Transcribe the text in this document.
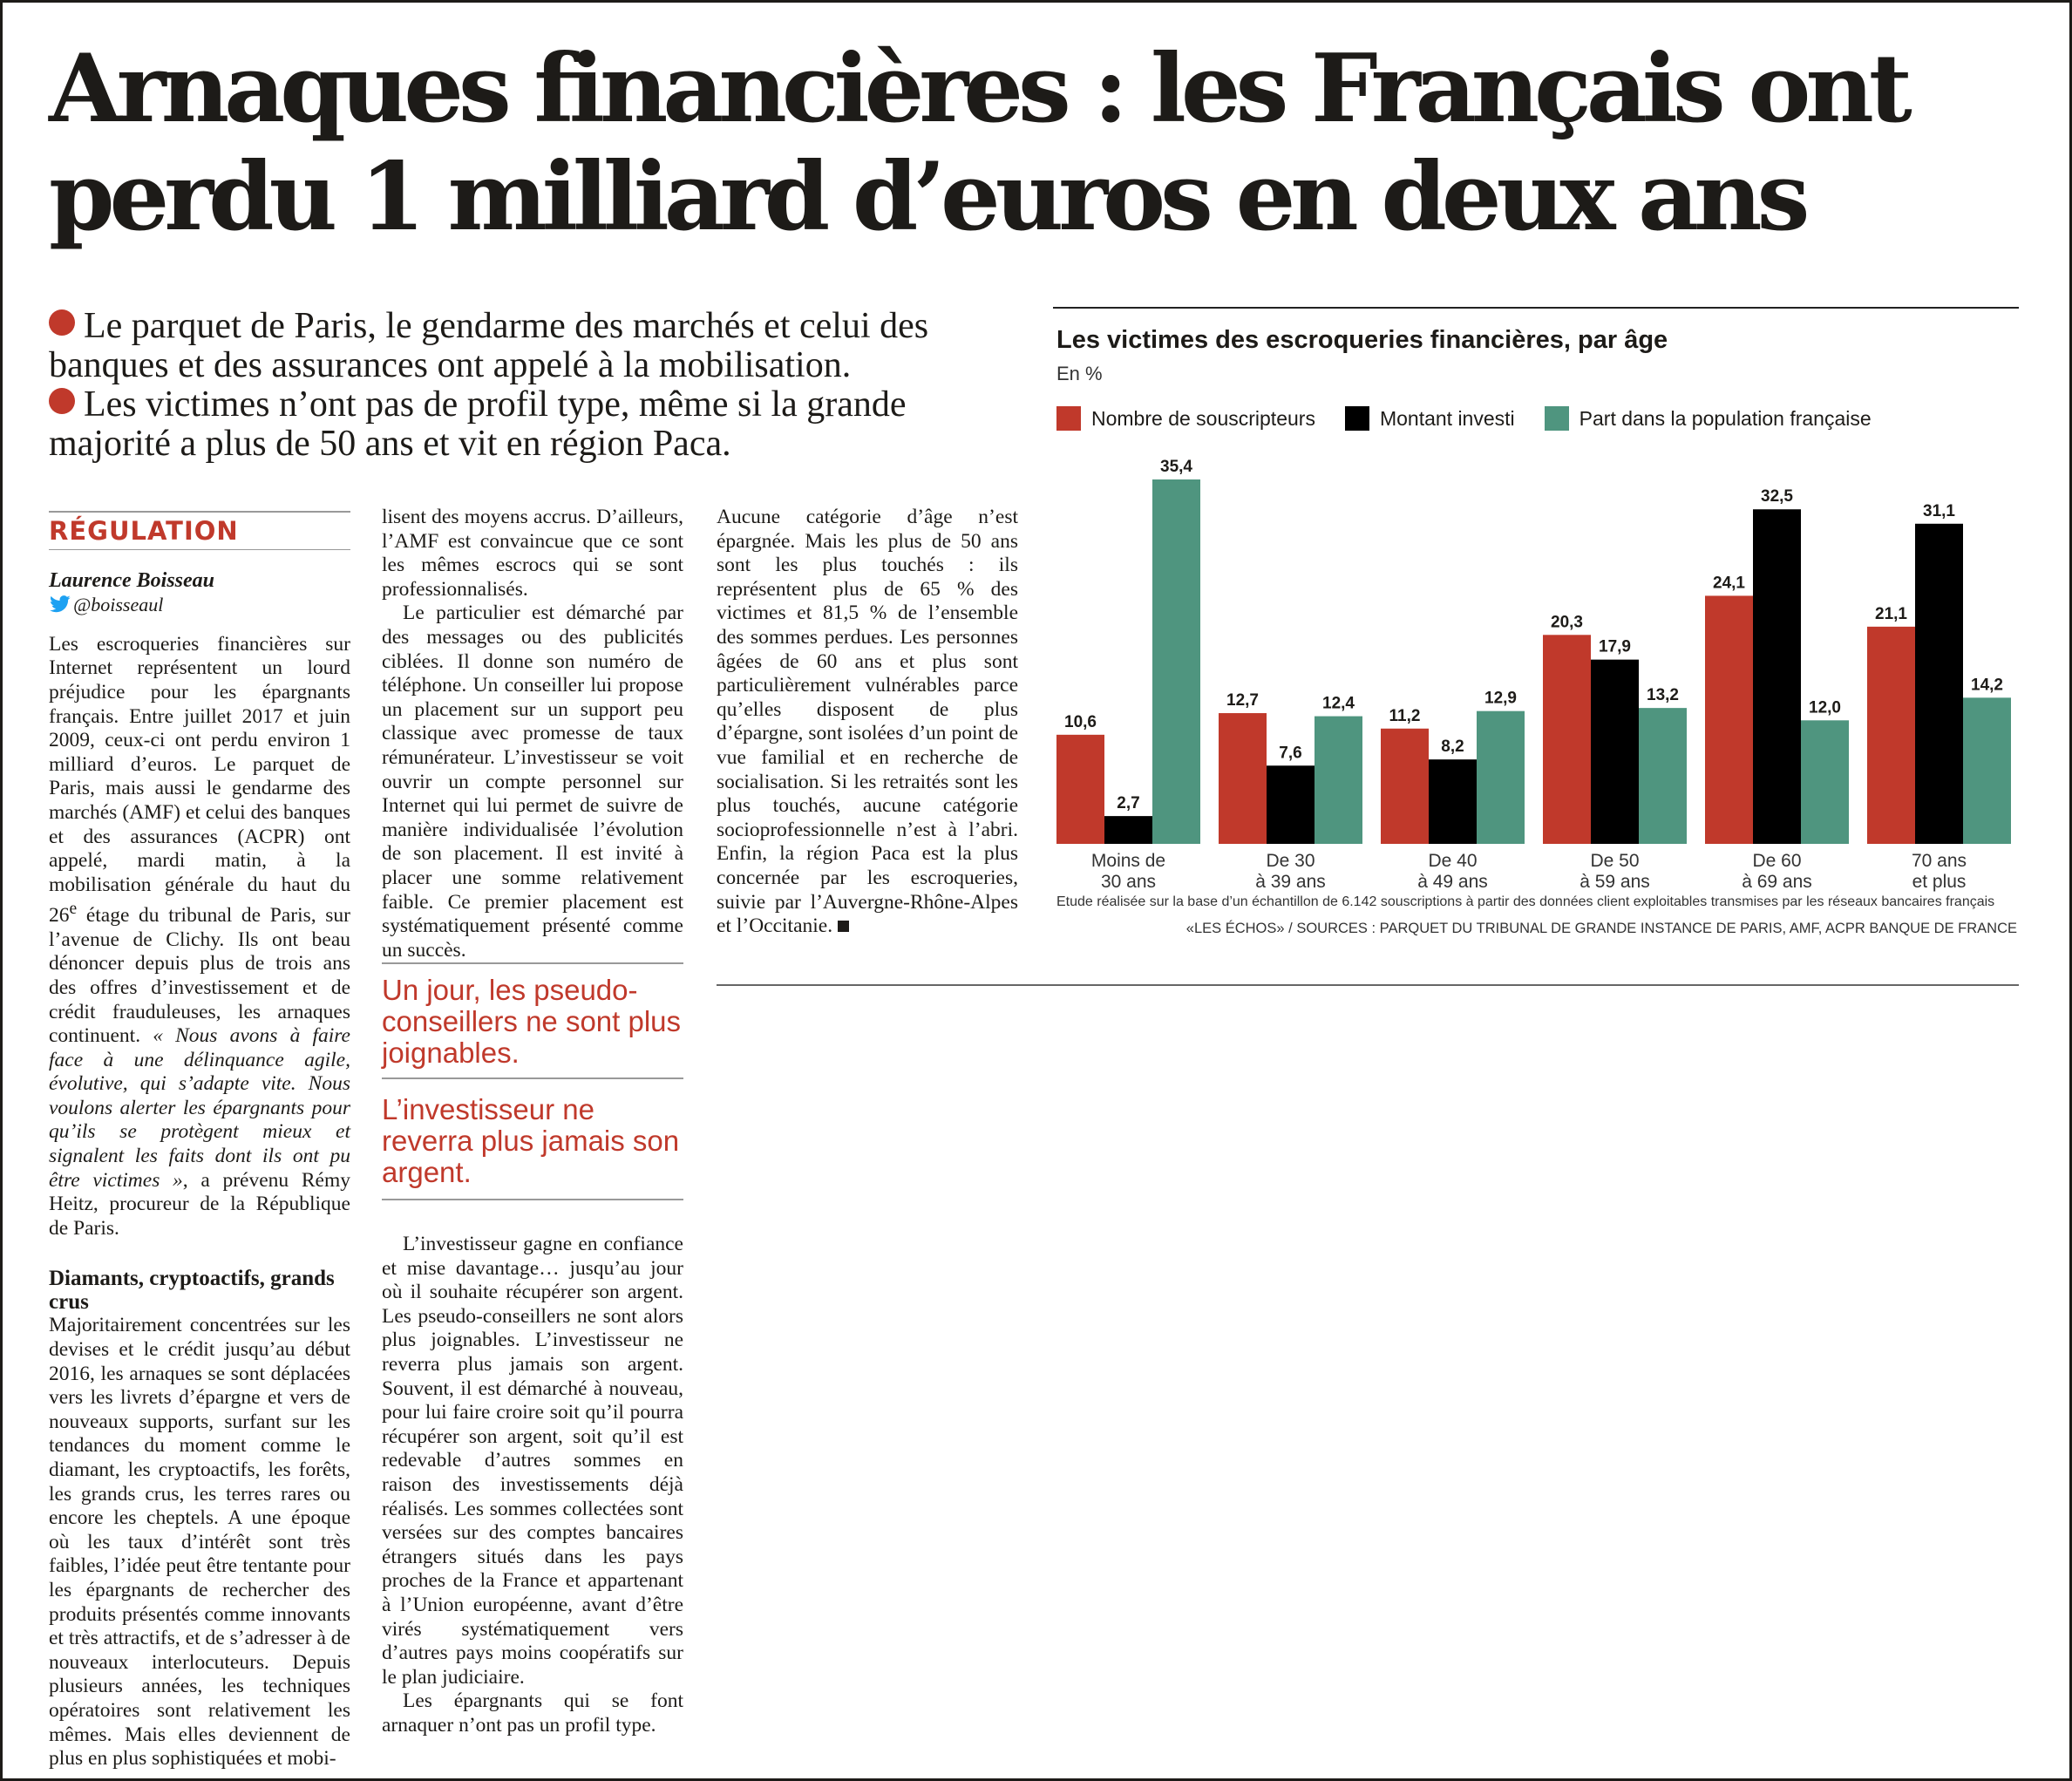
Arnaques financières : les Français ont perdu 1 milliard d’euros en deux ans

Le parquet de Paris, le gendarme des marchés et celui des banques et des assurances ont appelé à la mobilisation.

Les victimes n’ont pas de profil type, même si la grande majorité a plus de 50 ans et vit en région Paca.

RÉGULATION
Laurence Boisseau
@boisseaul

Les escroqueries financières sur Internet représentent un lourd préjudice pour les épargnants français. Entre juillet 2017 et juin 2009, ceux-ci ont perdu environ 1 milliard d’euros. Le parquet de Paris, mais aussi le gendarme des marchés (AMF) et celui des banques et des assurances (ACPR) ont appelé, mardi matin, à la mobilisation générale du haut du 26e étage du tribunal de Paris, sur l’avenue de Clichy. Ils ont beau dénoncer depuis plus de trois ans des offres d’investissement et de crédit frauduleuses, les arnaques continuent. « Nous avons à faire face à une délinquance agile, évolutive, qui s’adapte vite. Nous voulons alerter les épargnants pour qu’ils se protègent mieux et signalent les faits dont ils ont pu être victimes », a prévenu Rémy Heitz, procureur de la République de Paris.

Diamants, cryptoactifs, grands crus

Majoritairement concentrées sur les devises et le crédit jusqu’au début 2016, les arnaques se sont déplacées vers les livrets d’épargne et vers de nouveaux supports, surfant sur les tendances du moment comme le diamant, les cryptoactifs, les forêts, les grands crus, les terres rares ou encore les cheptels. A une époque où les taux d’intérêt sont très faibles, l’idée peut être tentante pour les épargnants de rechercher des produits présentés comme innovants et très attractifs, et de s’adresser à de nouveaux interlocuteurs. Depuis plusieurs années, les techniques opératoires sont relativement les mêmes. Mais elles deviennent de plus en plus sophistiquées et mobi-

lisent des moyens accrus. D’ailleurs, l’AMF est convaincue que ce sont les mêmes escrocs qui se sont professionnalisés.

Le particulier est démarché par des messages ou des publicités ciblées. Il donne son numéro de téléphone. Un conseiller lui propose un placement sur un support peu classique avec promesse de taux rémunérateur. L’investisseur se voit ouvrir un compte personnel sur Internet qui lui permet de suivre de manière individualisée l’évolution de son placement. Il est invité à placer une somme relativement faible. Ce premier placement est systématiquement présenté comme un succès.

Un jour, les pseudo-conseillers ne sont plus joignables.
L’investisseur ne reverra plus jamais son argent.

L’investisseur gagne en confiance et mise davantage… jusqu’au jour où il souhaite récupérer son argent. Les pseudo-conseillers ne sont alors plus joignables. L’investisseur ne reverra plus jamais son argent. Souvent, il est démarché à nouveau, pour lui faire croire soit qu’il pourra récupérer son argent, soit qu’il est redevable d’autres sommes en raison des investissements déjà réalisés. Les sommes collectées sont versées sur des comptes bancaires étrangers situés dans les pays proches de la France et appartenant à l’Union européenne, avant d’être virés systématiquement vers d’autres pays moins coopératifs sur le plan judiciaire.

Les épargnants qui se font arnaquer n’ont pas un profil type.

Aucune catégorie d’âge n’est épargnée. Mais les plus de 50 ans sont les plus touchés : ils représentent plus de 65 % des victimes et 81,5 % de l’ensemble des sommes perdues. Les personnes âgées de 60 ans et plus sont particulièrement vulnérables parce qu’elles disposent de plus d’épargne, sont isolées d’un point de vue familial et en recherche de socialisation. Si les retraités sont les plus touchés, aucune catégorie socioprofessionnelle n’est à l’abri. Enfin, la région Paca est la plus concernée par les escroqueries, suivie par l’Auvergne-Rhône-Alpes et l’Occitanie.

Les victimes des escroqueries financières, par âge
En %
Nombre de souscripteurs	Montant investi	Part dans la population française
10,6
2,7
35,4
Moins de
30 ans
12,7
7,6
12,4
De 30
à 39 ans
11,2
8,2
12,9
De 40
à 49 ans
20,3
17,9
13,2
De 50
à 59 ans
24,1
32,5
12,0
De 60
à 69 ans
21,1
31,1
14,2
70 ans
et plus
Etude réalisée sur la base d’un échantillon de 6.142 souscriptions à partir des données client exploitables transmises par les réseaux bancaires français
«LES ÉCHOS» / SOURCES : PARQUET DU TRIBUNAL DE GRANDE INSTANCE DE PARIS, AMF, ACPR BANQUE DE FRANCE
